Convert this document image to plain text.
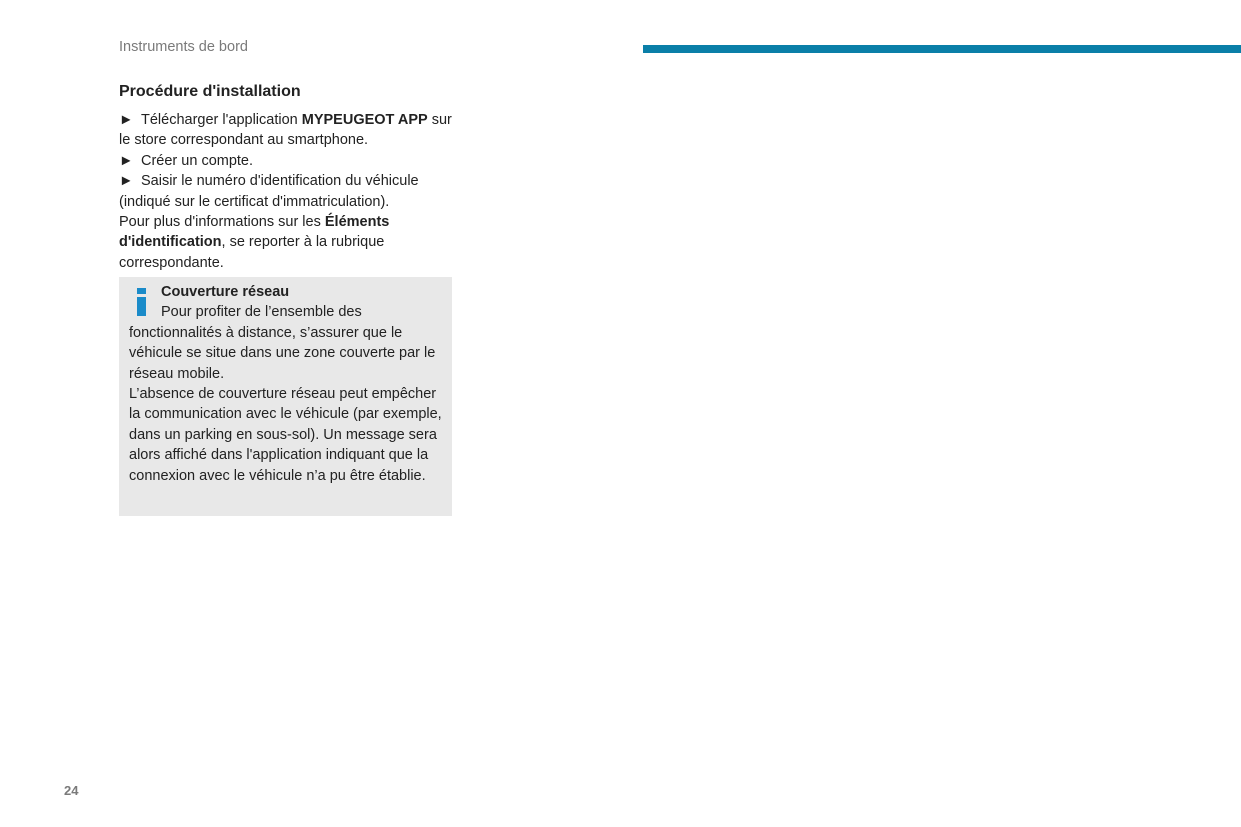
Instruments de bord
Procédure d'installation

► Télécharger l'application MYPEUGEOT APP sur le store correspondant au smartphone.

► Créer un compte.

► Saisir le numéro d'identification du véhicule (indiqué sur le certificat d'immatriculation).

Pour plus d'informations sur les Éléments d'identification, se reporter à la rubrique correspondante.

Couverture réseau
Pour profiter de l’ensemble des fonctionnalités à distance, s’assurer que le véhicule se situe dans une zone couverte par le réseau mobile.
L’absence de couverture réseau peut empêcher la communication avec le véhicule (par exemple, dans un parking en sous-sol). Un message sera alors affiché dans l'application indiquant que la connexion avec le véhicule n’a pu être établie.
24
